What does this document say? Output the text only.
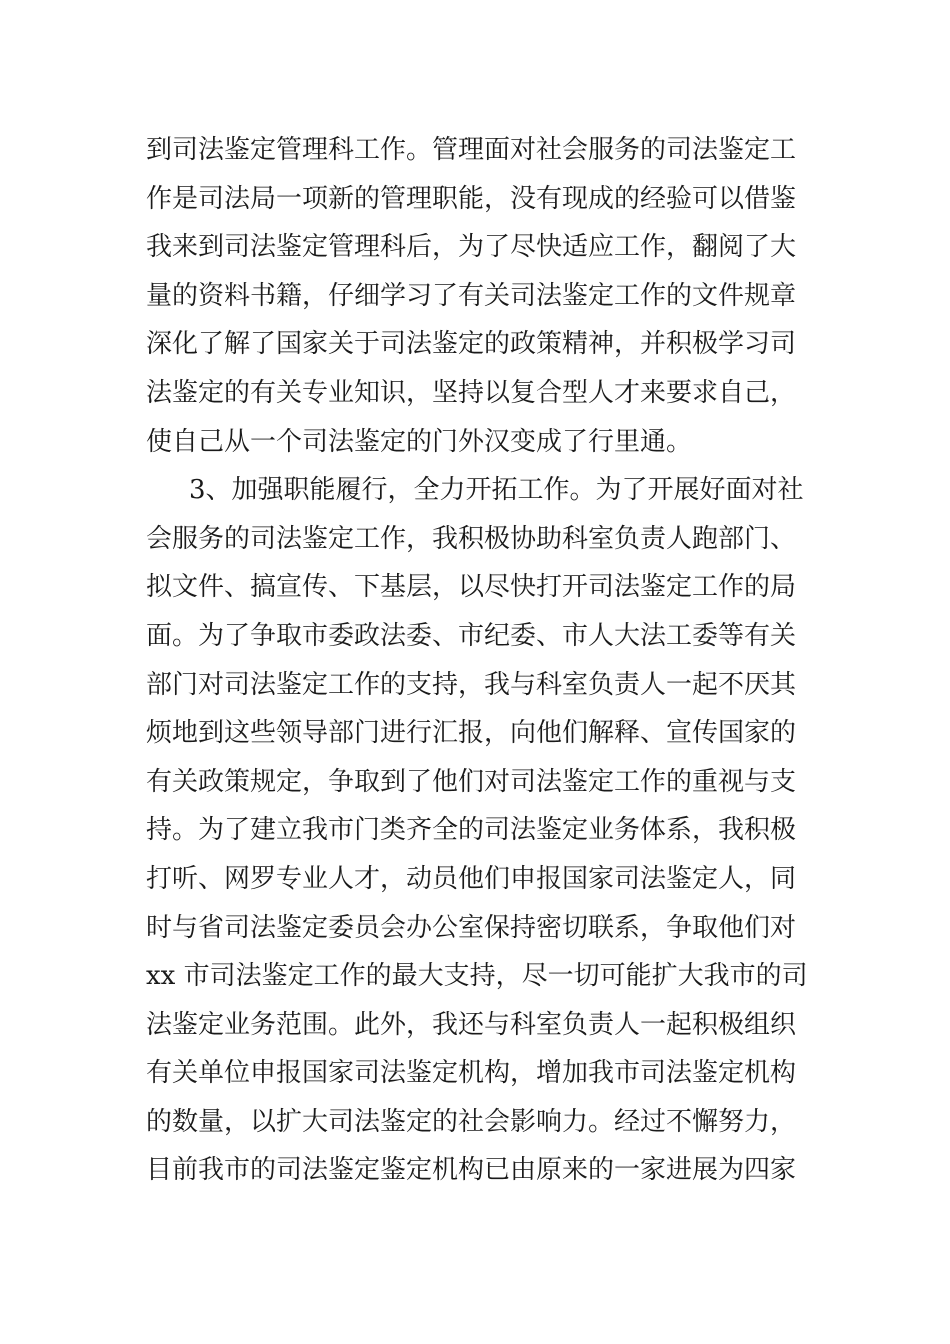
到司法鉴定管理科工作。管理面对社会服务的司法鉴定工
作是司法局一项新的管理职能，没有现成的经验可以借鉴
我来到司法鉴定管理科后，为了尽快适应工作，翻阅了大
量的资料书籍，仔细学习了有关司法鉴定工作的文件规章
深化了解了国家关于司法鉴定的政策精神，并积极学习司
法鉴定的有关专业知识，坚持以复合型人才来要求自己，
使自己从一个司法鉴定的门外汉变成了行里通。
3、加强职能履行，全力开拓工作。为了开展好面对社
会服务的司法鉴定工作，我积极协助科室负责人跑部门、
拟文件、搞宣传、下基层，以尽快打开司法鉴定工作的局
面。为了争取市委政法委、市纪委、市人大法工委等有关
部门对司法鉴定工作的支持，我与科室负责人一起不厌其
烦地到这些领导部门进行汇报，向他们解释、宣传国家的
有关政策规定，争取到了他们对司法鉴定工作的重视与支
持。为了建立我市门类齐全的司法鉴定业务体系，我积极
打听、网罗专业人才，动员他们申报国家司法鉴定人，同
时与省司法鉴定委员会办公室保持密切联系，争取他们对
xx 市司法鉴定工作的最大支持，尽一切可能扩大我市的司
法鉴定业务范围。此外，我还与科室负责人一起积极组织
有关单位申报国家司法鉴定机构，增加我市司法鉴定机构
的数量，以扩大司法鉴定的社会影响力。经过不懈努力，
目前我市的司法鉴定鉴定机构已由原来的一家进展为四家
